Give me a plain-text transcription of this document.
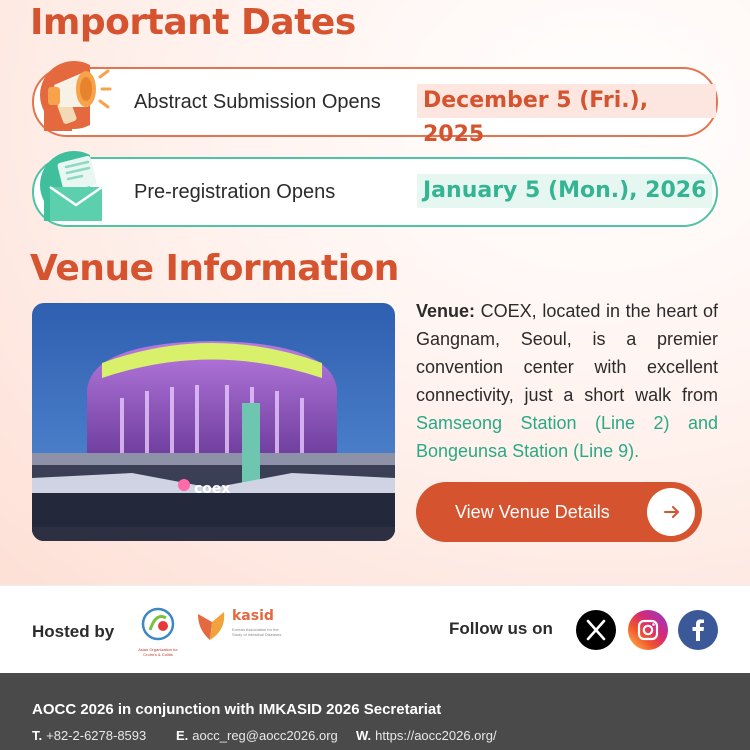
Important Dates
Abstract Submission Opens December 5 (Fri.), 2025
Pre-registration Opens	January 5 (Mon.), 2026
Venue Information
coex
Venue: COEX, located in the heart of Gangnam, Seoul, is a premier convention center with excellent connectivity, just a short walk from Samseong Station (Line 2) and Bongeunsa Station (Line 9).
View Venue Details
Hosted by
Asian Organization for Crohn's & Colitis
kasid
Korean Association for the Study of Intestinal Diseases	Follow us on
AOCC 2026 in conjunction with IMKASID 2026 Secretariat
T. +82-2-6278-8593 E. aocc_reg@aocc2026.org W. https://aocc2026.org/
